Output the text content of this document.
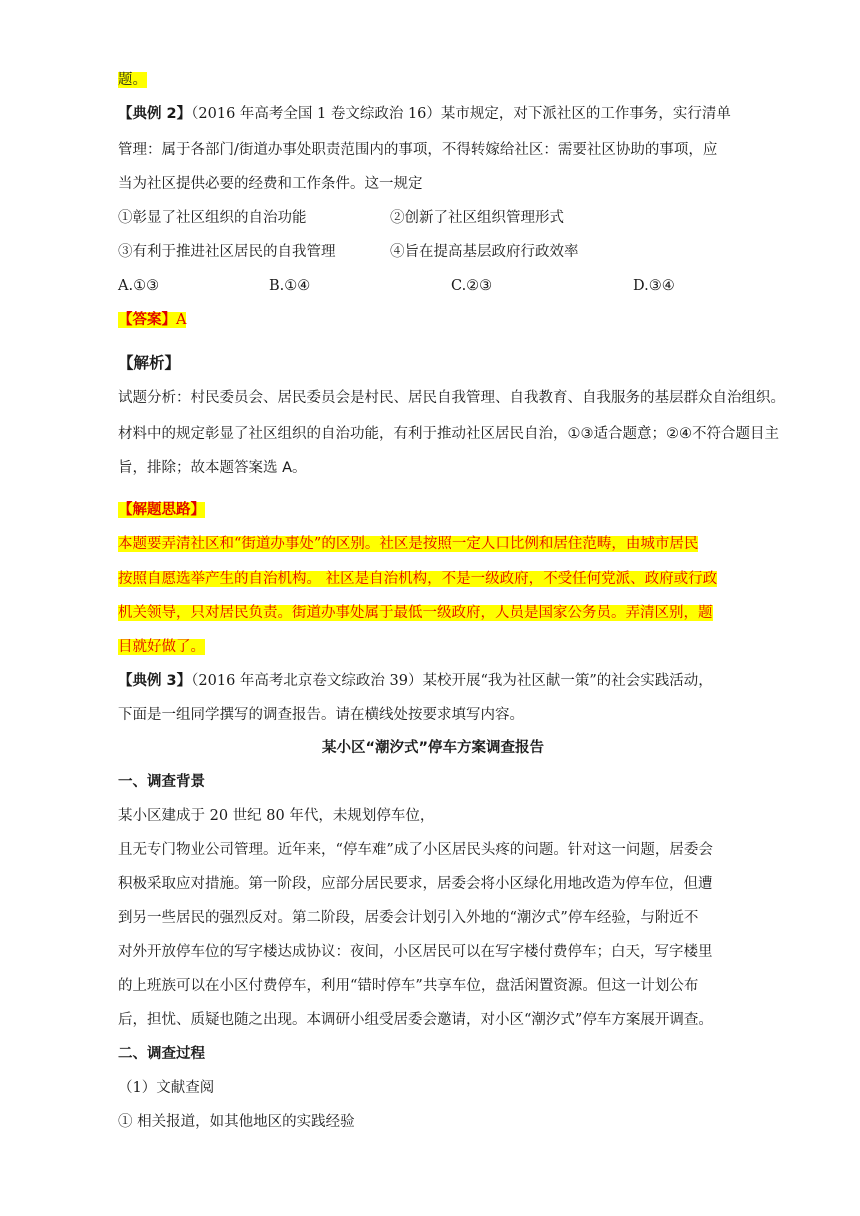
题。
【典例 2】（2016 年高考全国 1 卷文综政治 16）某市规定，对下派社区的工作事务，实行清单
管理：属于各部门/街道办事处职责范围内的事项，不得转嫁给社区：需要社区协助的事项，应
当为社区提供必要的经费和工作条件。这一规定
①彰显了社区组织的自治功能	②创新了社区组织管理形式
③有利于推进社区居民的自我管理	④旨在提高基层政府行政效率
A.①③	B.①④	C.②③	D.③④
【答案】A
【解析】
试题分析：村民委员会、居民委员会是村民、居民自我管理、自我教育、自我服务的基层群众自治组织。
材料中的规定彰显了社区组织的自治功能，有利于推动社区居民自治，①③适合题意；②④不符合题目主
旨，排除；故本题答案选 A。
【解题思路】
本题要弄清社区和“街道办事处”的区别。社区是按照一定人口比例和居住范畴，由城市居民
按照自愿选举产生的自治机构。 社区是自治机构，不是一级政府，不受任何党派、政府或行政
机关领导，只对居民负责。街道办事处属于最低一级政府，人员是国家公务员。弄清区别，题
目就好做了。
【典例 3】（2016 年高考北京卷文综政治 39）某校开展“我为社区献一策”的社会实践活动，
下面是一组同学撰写的调查报告。请在横线处按要求填写内容。
某小区“潮汐式”停车方案调查报告
一、调查背景
某小区建成于 20 世纪 80 年代，未规划停车位，
且无专门物业公司管理。近年来，“停车难”成了小区居民头疼的问题。针对这一问题，居委会
积极采取应对措施。第一阶段，应部分居民要求，居委会将小区绿化用地改造为停车位，但遭
到另一些居民的强烈反对。第二阶段，居委会计划引入外地的“潮汐式”停车经验，与附近不
对外开放停车位的写字楼达成协议：夜间，小区居民可以在写字楼付费停车；白天，写字楼里
的上班族可以在小区付费停车，利用“错时停车”共享车位，盘活闲置资源。但这一计划公布
后，担忧、质疑也随之出现。本调研小组受居委会邀请，对小区“潮汐式”停车方案展开调查。
二、调查过程
（1）文献查阅
① 相关报道，如其他地区的实践经验
